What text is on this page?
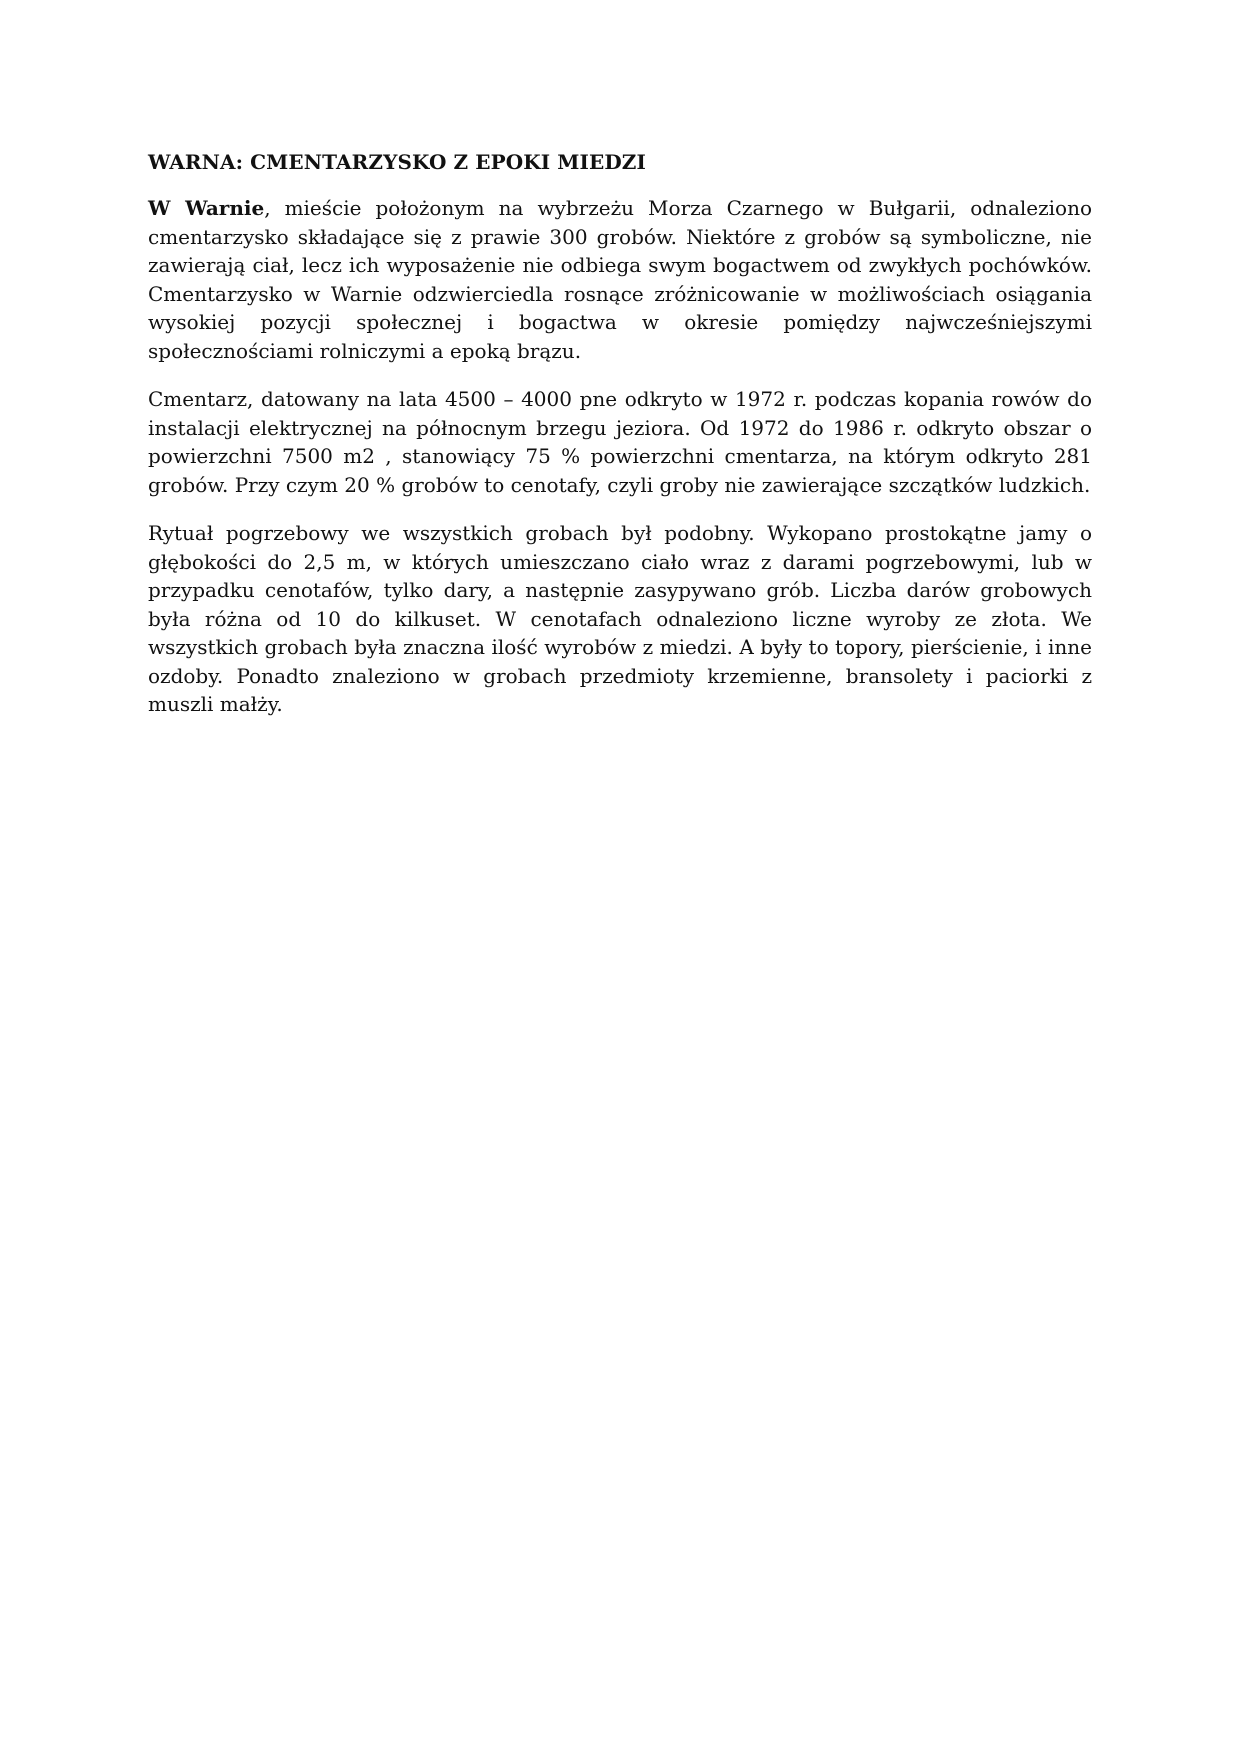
WARNA: CMENTARZYSKO Z EPOKI MIEDZI

W Warnie, mieście położonym na wybrzeżu Morza Czarnego w Bułgarii, odnaleziono cmentarzysko składające się z prawie 300 grobów. Niektóre z grobów są symboliczne, nie zawierają ciał, lecz ich wyposażenie nie odbiega swym bogactwem od zwykłych pochówków. Cmentarzysko w Warnie odzwierciedla rosnące zróżnicowanie w możliwościach osiągania wysokiej pozycji społecznej i bogactwa w okresie pomiędzy najwcześniejszymi społecznościami rolniczymi a epoką brązu.

Cmentarz, datowany na lata 4500 – 4000 pne odkryto w 1972 r. podczas kopania rowów do instalacji elektrycznej na północnym brzegu jeziora. Od 1972 do 1986 r. odkryto obszar o powierzchni 7500 m2 , stanowiący 75 % powierzchni cmentarza, na którym odkryto 281 grobów. Przy czym 20 % grobów to cenotafy, czyli groby nie zawierające szczątków ludzkich.

Rytuał pogrzebowy we wszystkich grobach był podobny. Wykopano prostokątne jamy o głębokości do 2,5 m, w których umieszczano ciało wraz z darami pogrzebowymi, lub w przypadku cenotafów, tylko dary, a następnie zasypywano grób. Liczba darów grobowych była różna od 10 do kilkuset. W cenotafach odnaleziono liczne wyroby ze złota. We wszystkich grobach była znaczna ilość wyrobów z miedzi. A były to topory, pierścienie, i inne ozdoby. Ponadto znaleziono w grobach przedmioty krzemienne, bransolety i paciorki z muszli małży.
